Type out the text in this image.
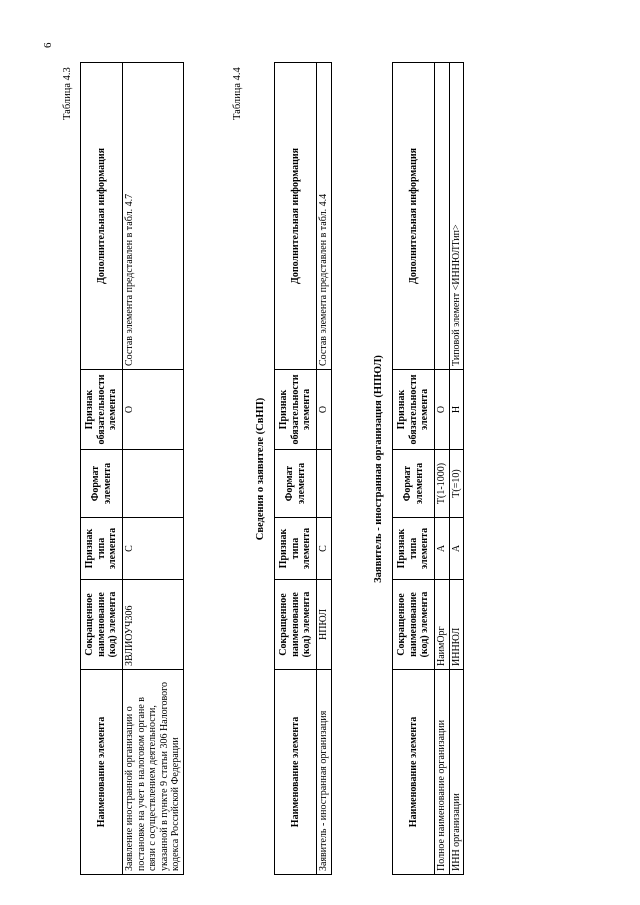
6
Таблица 4.3
Наименование элемента	Сокращенное наименование (код) элемента	Признак типа элемента	Формат элемента	Признак обязательности элемента	Дополнительная информация
Заявление иностранной организации о постановке на учет в налоговом органе в связи с осуществлением деятельности, указанной в пункте 9 статьи 306 Налогового кодекса Российской Федерации	ЗВЛИОУЧ306	С		О	Состав элемента представлен в табл. 4.7
Таблица 4.4
Сведения о заявителе (СвНП)
Наименование элемента	Сокращенное наименование (код) элемента	Признак типа элемента	Формат элемента	Признак обязательности элемента	Дополнительная информация
Заявитель - иностранная организация	НПЮЛ	С		О	Состав элемента представлен в табл. 4.4
Заявитель - иностранная организация (НПЮЛ)
Наименование элемента	Сокращенное наименование (код) элемента	Признак типа элемента	Формат элемента	Признак обязательности элемента	Дополнительная информация
Полное наименование организации	НаимОрг	А	T(1-1000)	О	
ИНН организации	ИННЮЛ	А	T(=10)	Н	Типовой элемент <ИННЮЛТип>
